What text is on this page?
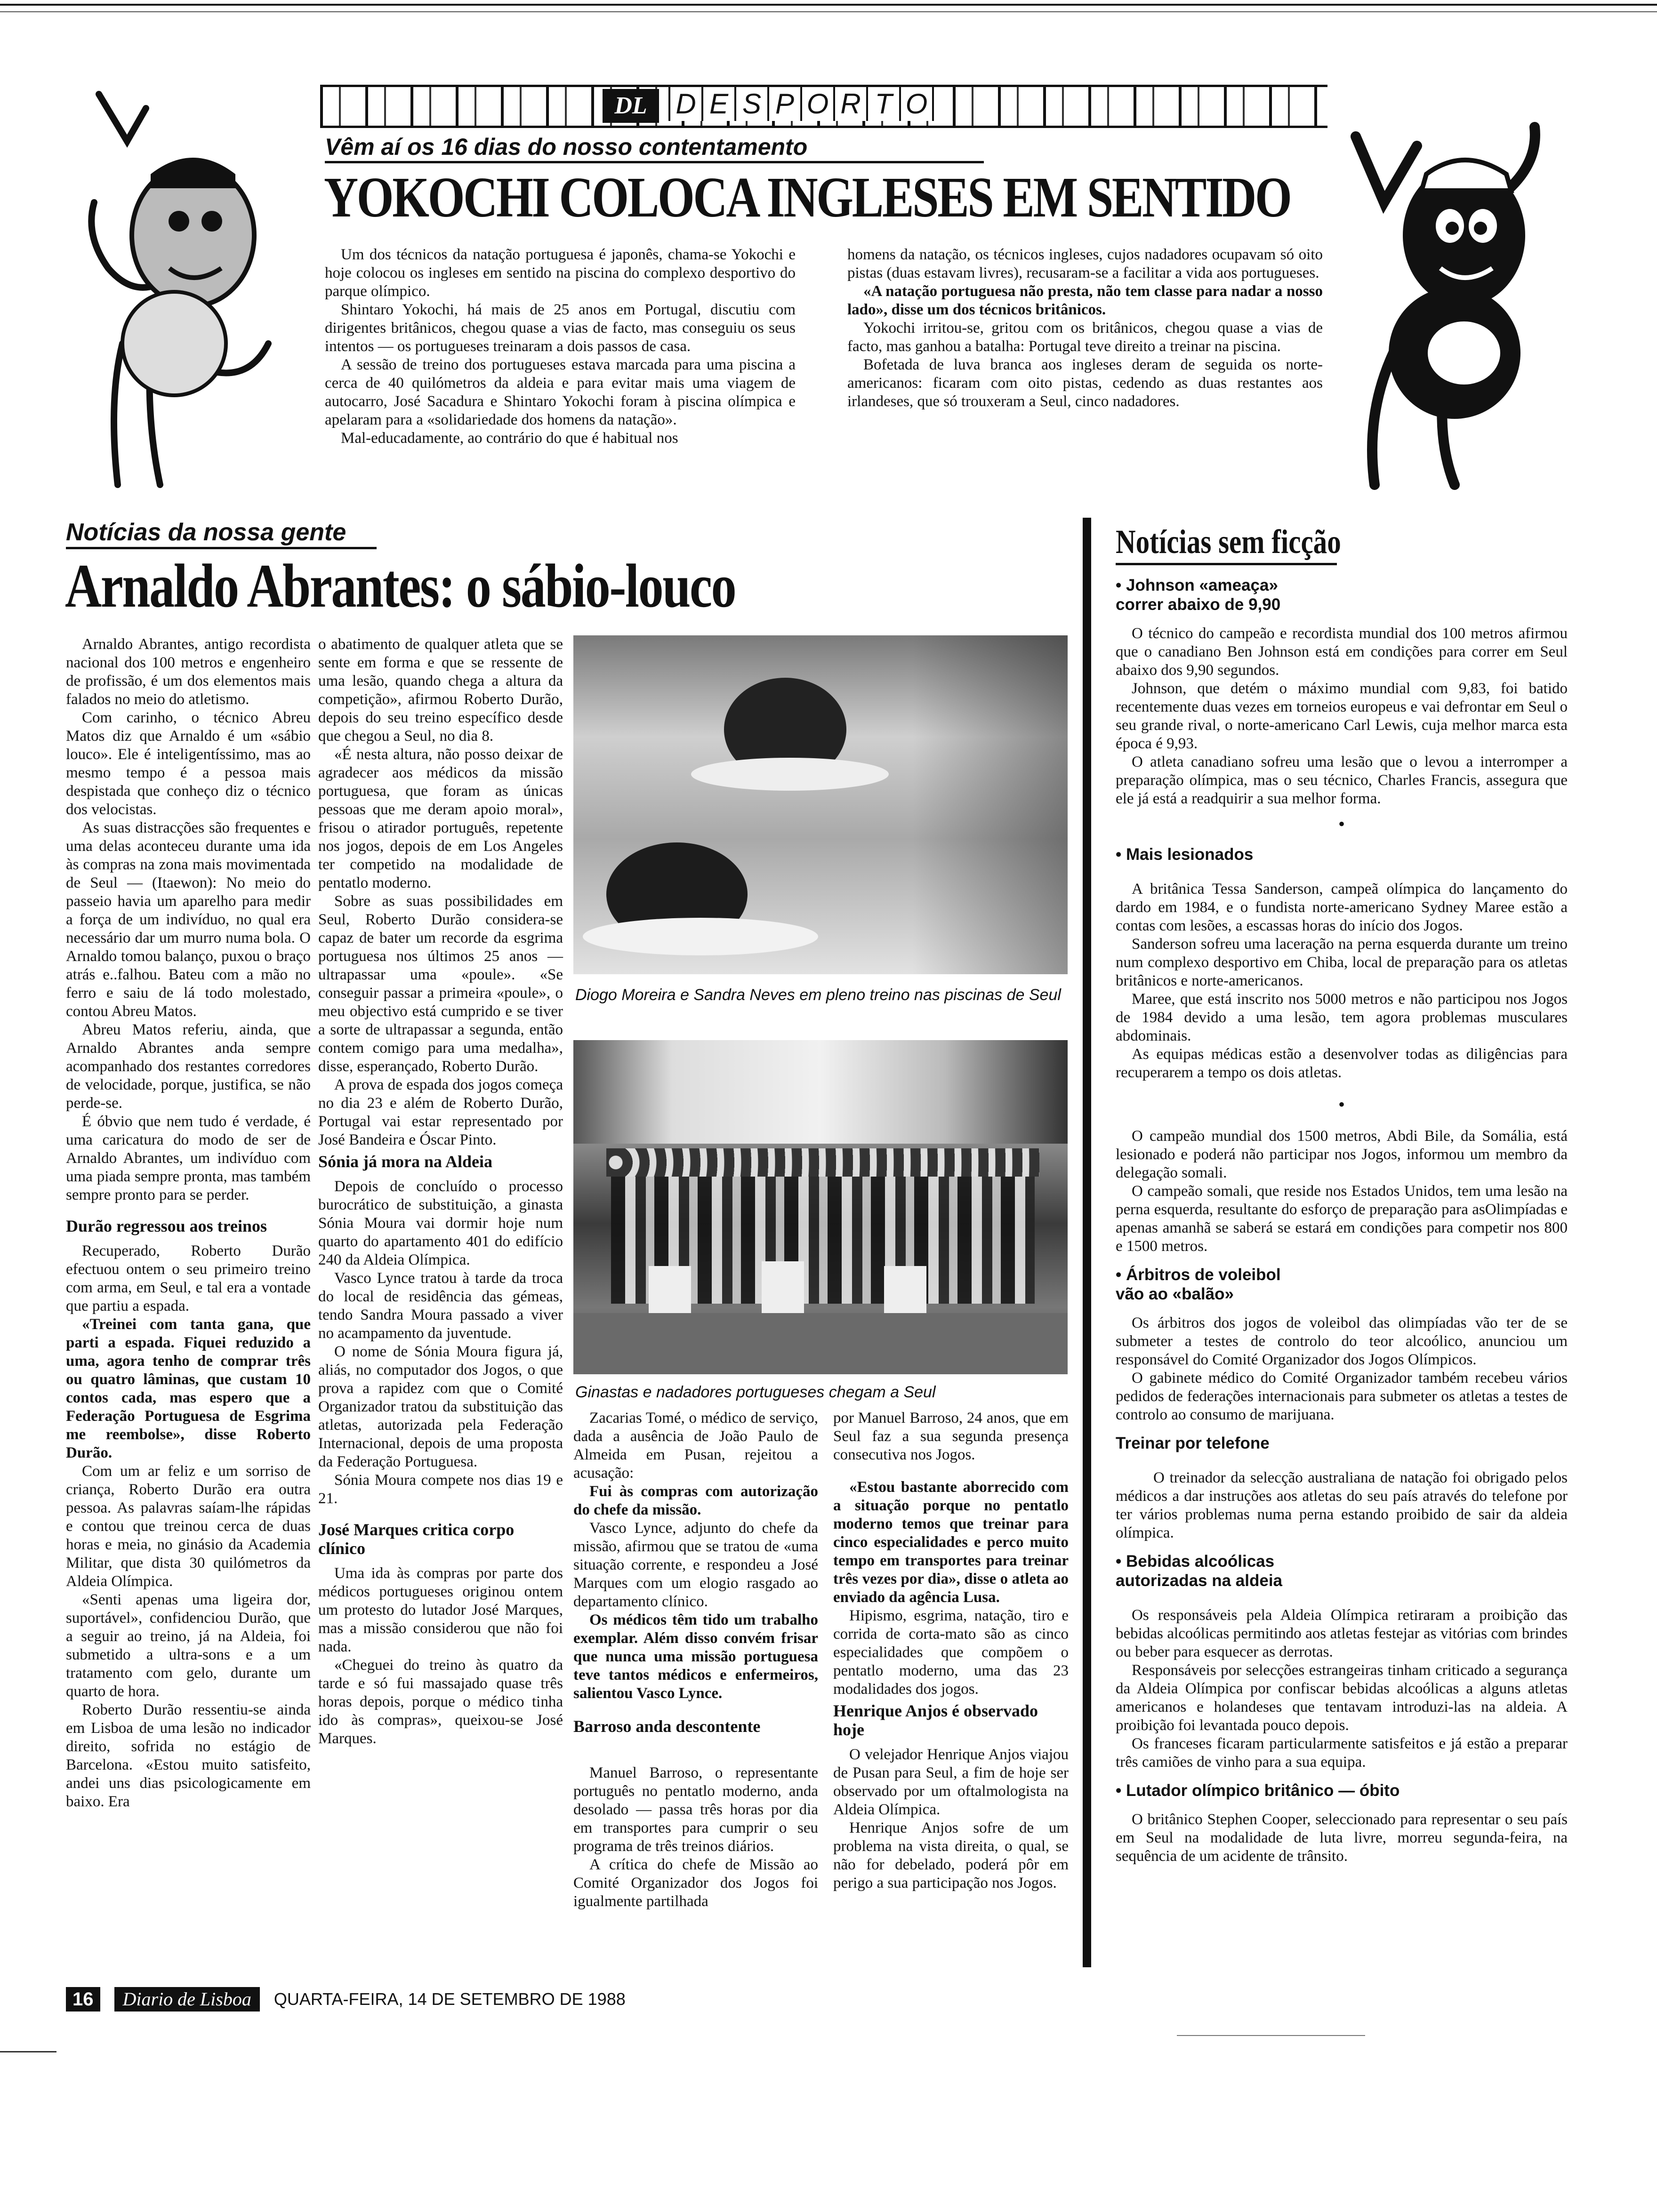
DL	D E S P O R T O
Vêm aí os 16 dias do nosso contentamento
YOKOCHI COLOCA INGLESES EM SENTIDO

Um dos técnicos da natação portuguesa é japonês, chama-se Yokochi e hoje colocou os ingleses em sentido na piscina do complexo desportivo do parque olímpico.

Shintaro Yokochi, há mais de 25 anos em Portugal, discutiu com dirigentes britânicos, chegou quase a vias de facto, mas conseguiu os seus intentos — os portugueses treinaram a dois passos de casa.

A sessão de treino dos portugueses estava marcada para uma piscina a cerca de 40 quilómetros da aldeia e para evitar mais uma viagem de autocarro, José Sacadura e Shintaro Yokochi foram à piscina olímpica e apelaram para a «solidariedade dos homens da natação».

Mal-educadamente, ao contrário do que é habitual nos

homens da natação, os técnicos ingleses, cujos nadadores ocupavam só oito pistas (duas estavam livres), recusaram-se a facilitar a vida aos portugueses.

«A natação portuguesa não presta, não tem classe para nadar a nosso lado», disse um dos técnicos britânicos.

Yokochi irritou-se, gritou com os britânicos, chegou quase a vias de facto, mas ganhou a batalha: Portugal teve direito a treinar na piscina.

Bofetada de luva branca aos ingleses deram de seguida os norte-americanos: ficaram com oito pistas, cedendo as duas restantes aos irlandeses, que só trouxeram a Seul, cinco nadadores.

Notícias da nossa gente
Arnaldo Abrantes: o sábio-louco

Arnaldo Abrantes, antigo recordista nacional dos 100 metros e engenheiro de profissão, é um dos elementos mais falados no meio do atletismo.

Com carinho, o técnico Abreu Matos diz que Arnaldo é um «sábio louco». Ele é inteligentíssimo, mas ao mesmo tempo é a pessoa mais despistada que conheço diz o técnico dos velocistas.

As suas distracções são frequentes e uma delas aconteceu durante uma ida às compras na zona mais movimentada de Seul — (Itaewon): No meio do passeio havia um aparelho para medir a força de um indivíduo, no qual era necessário dar um murro numa bola. O Arnaldo tomou balanço, puxou o braço atrás e..falhou. Bateu com a mão no ferro e saiu de lá todo molestado, contou Abreu Matos.

Abreu Matos referiu, ainda, que Arnaldo Abrantes anda sempre acompanhado dos restantes corredores de velocidade, porque, justifica, se não perde-se.

É óbvio que nem tudo é verdade, é uma caricatura do modo de ser de Arnaldo Abrantes, um indivíduo com uma piada sempre pronta, mas também sempre pronto para se perder.

Durão regressou aos treinos

Recuperado, Roberto Durão efectuou ontem o seu primeiro treino com arma, em Seul, e tal era a vontade que partiu a espada.

«Treinei com tanta gana, que parti a espada. Fiquei reduzido a uma, agora tenho de comprar três ou quatro lâminas, que custam 10 contos cada, mas espero que a Federação Portuguesa de Esgrima me reembolse», disse Roberto Durão.

Com um ar feliz e um sorriso de criança, Roberto Durão era outra pessoa. As palavras saíam-lhe rápidas e contou que treinou cerca de duas horas e meia, no ginásio da Academia Militar, que dista 30 quilómetros da Aldeia Olímpica.

«Senti apenas uma ligeira dor, suportável», confidenciou Durão, que a seguir ao treino, já na Aldeia, foi submetido a ultra-sons e a um tratamento com gelo, durante um quarto de hora.

Roberto Durão ressentiu-se ainda em Lisboa de uma lesão no indicador direito, sofrida no estágio de Barcelona. «Estou muito satisfeito, andei uns dias psicologicamente em baixo. Era

o abatimento de qualquer atleta que se sente em forma e que se ressente de uma lesão, quando chega a altura da competição», afirmou Roberto Durão, depois do seu treino específico desde que chegou a Seul, no dia 8.

«É nesta altura, não posso deixar de agradecer aos médicos da missão portuguesa, que foram as únicas pessoas que me deram apoio moral», frisou o atirador português, repetente nos jogos, depois de em Los Angeles ter competido na modalidade de pentatlo moderno.

Sobre as suas possibilidades em Seul, Roberto Durão considera-se capaz de bater um recorde da esgrima portuguesa nos últimos 25 anos — ultrapassar uma «poule». «Se conseguir passar a primeira «poule», o meu objectivo está cumprido e se tiver a sorte de ultrapassar a segunda, então contem comigo para uma medalha», disse, esperançado, Roberto Durão.

A prova de espada dos jogos começa no dia 23 e além de Roberto Durão, Portugal vai estar representado por José Bandeira e Óscar Pinto.

Sónia já mora na Aldeia

Depois de concluído o processo burocrático de substituição, a ginasta Sónia Moura vai dormir hoje num quarto do apartamento 401 do edifício 240 da Aldeia Olímpica.

Vasco Lynce tratou à tarde da troca do local de residência das gémeas, tendo Sandra Moura passado a viver no acampamento da juventude.

O nome de Sónia Moura figura já, aliás, no computador dos Jogos, o que prova a rapidez com que o Comité Organizador tratou da substituição das atletas, autorizada pela Federação Internacional, depois de uma proposta da Federação Portuguesa.

Sónia Moura compete nos dias 19 e 21.

José Marques critica corpo clínico

Uma ida às compras por parte dos médicos portugueses originou ontem um protesto do lutador José Marques, mas a missão considerou que não foi nada.

«Cheguei do treino às quatro da tarde e só fui massajado quase três horas depois, porque o médico tinha ido às compras», queixou-se José Marques.

Diogo Moreira e Sandra Neves em pleno treino nas piscinas de Seul
Ginastas e nadadores portugueses chegam a Seul

Zacarias Tomé, o médico de serviço, dada a ausência de João Paulo de Almeida em Pusan, rejeitou a acusação:

Fui às compras com autorização do chefe da missão.

Vasco Lynce, adjunto do chefe da missão, afirmou que se tratou de «uma situação corrente, e respondeu a José Marques com um elogio rasgado ao departamento clínico.

Os médicos têm tido um trabalho exemplar. Além disso convém frisar que nunca uma missão portuguesa teve tantos médicos e enfermeiros, salientou Vasco Lynce.

Barroso anda descontente

Manuel Barroso, o representante português no pentatlo moderno, anda desolado — passa três horas por dia em transportes para cumprir o seu programa de três treinos diários.

A crítica do chefe de Missão ao Comité Organizador dos Jogos foi igualmente partilhada

por Manuel Barroso, 24 anos, que em Seul faz a sua segunda presença consecutiva nos Jogos.

«Estou bastante aborrecido com a situação porque no pentatlo moderno temos que treinar para cinco especialidades e perco muito tempo em transportes para treinar três vezes por dia», disse o atleta ao enviado da agência Lusa.

Hipismo, esgrima, natação, tiro e corrida de corta-mato são as cinco especialidades que compõem o pentatlo moderno, uma das 23 modalidades dos jogos.

Henrique Anjos é observado hoje

O velejador Henrique Anjos viajou de Pusan para Seul, a fim de hoje ser observado por um oftalmologista na Aldeia Olímpica.

Henrique Anjos sofre de um problema na vista direita, o qual, se não for debelado, poderá pôr em perigo a sua participação nos Jogos.

Notícias sem ficção
• Johnson «ameaça» correr abaixo de 9,90

O técnico do campeão e recordista mundial dos 100 metros afirmou que o canadiano Ben Johnson está em condições para correr em Seul abaixo dos 9,90 segundos.

Johnson, que detém o máximo mundial com 9,83, foi batido recentemente duas vezes em torneios europeus e vai defrontar em Seul o seu grande rival, o norte-americano Carl Lewis, cuja melhor marca esta época é 9,93.

O atleta canadiano sofreu uma lesão que o levou a interromper a preparação olímpica, mas o seu técnico, Charles Francis, assegura que ele já está a readquirir a sua melhor forma.

•
• Mais lesionados

A britânica Tessa Sanderson, campeã olímpica do lançamento do dardo em 1984, e o fundista norte-americano Sydney Maree estão a contas com lesões, a escassas horas do início dos Jogos.

Sanderson sofreu uma laceração na perna esquerda durante um treino num complexo desportivo em Chiba, local de preparação para os atletas britânicos e norte-americanos.

Maree, que está inscrito nos 5000 metros e não participou nos Jogos de 1984 devido a uma lesão, tem agora problemas musculares abdominais.

As equipas médicas estão a desenvolver todas as diligências para recuperarem a tempo os dois atletas.

•

O campeão mundial dos 1500 metros, Abdi Bile, da Somália, está lesionado e poderá não participar nos Jogos, informou um membro da delegação somali.

O campeão somali, que reside nos Estados Unidos, tem uma lesão na perna esquerda, resultante do esforço de preparação para asOlimpíadas e apenas amanhã se saberá se estará em condições para competir nos 800 e 1500 metros.

• Árbitros de voleibol vão ao «balão»

Os árbitros dos jogos de voleibol das olimpíadas vão ter de se submeter a testes de controlo do teor alcoólico, anunciou um responsável do Comité Organizador dos Jogos Olímpicos.

O gabinete médico do Comité Organizador também recebeu vários pedidos de federações internacionais para submeter os atletas a testes de controlo ao consumo de marijuana.

Treinar por telefone

O treinador da selecção australiana de natação foi obrigado pelos médicos a dar instruções aos atletas do seu país através do telefone por ter vários problemas numa perna estando proibido de sair da aldeia olímpica.

• Bebidas alcoólicas autorizadas na aldeia

Os responsáveis pela Aldeia Olímpica retiraram a proibição das bebidas alcoólicas permitindo aos atletas festejar as vitórias com brindes ou beber para esquecer as derrotas.

Responsáveis por selecções estrangeiras tinham criticado a segurança da Aldeia Olímpica por confiscar bebidas alcoólicas a alguns atletas americanos e holandeses que tentavam introduzi-las na aldeia. A proibição foi levantada pouco depois.

Os franceses ficaram particularmente satisfeitos e já estão a preparar três camiões de vinho para a sua equipa.

• Lutador olímpico britânico — óbito

O britânico Stephen Cooper, seleccionado para representar o seu país em Seul na modalidade de luta livre, morreu segunda-feira, na sequência de um acidente de trânsito.

16	Diario de Lisboa	QUARTA-FEIRA, 14 DE SETEMBRO DE 1988
